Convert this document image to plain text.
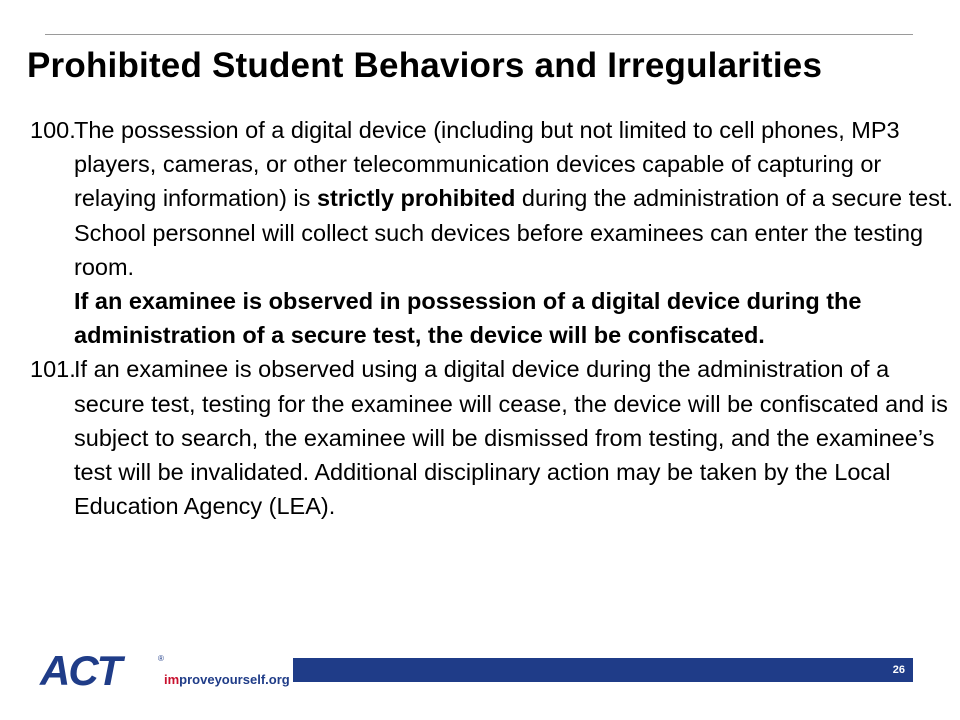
Prohibited Student Behaviors and Irregularities

100.
The possession of a digital device (including but not limited to cell phones, MP3 players, cameras, or other telecommunication devices capable of capturing or relaying information) is strictly prohibited during the administration of a secure test. School personnel will collect such devices before examinees can enter the testing room.
If an examinee is observed in possession of a digital device during the administration of a secure test, the device will be confiscated.

101.
If an examinee is observed using a digital device during the administration of a secure test, testing for the examinee will cease, the device will be confiscated and is subject to search, the examinee will be dismissed from testing, and the examinee’s test will be invalidated. Additional disciplinary action may be taken by the Local Education Agency (LEA).

ACT	®
improveyourself.org
26
